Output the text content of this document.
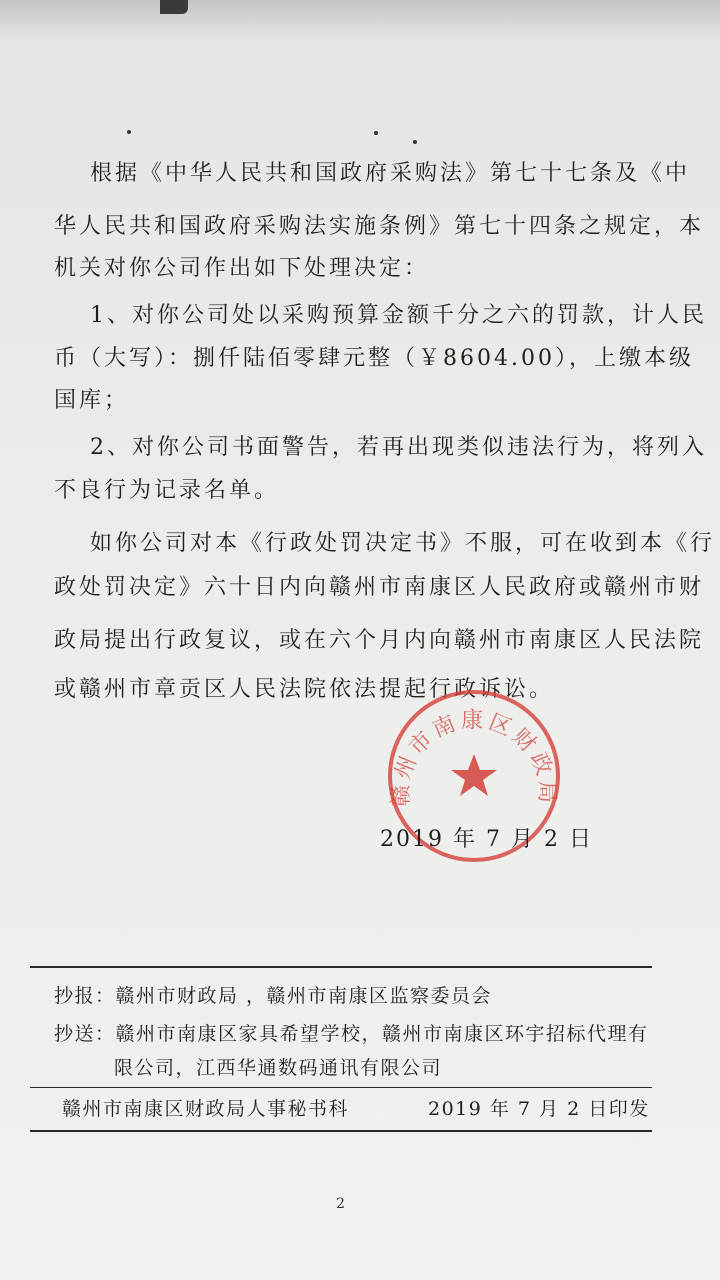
根据《中华人民共和国政府采购法》第七十七条及《中
华人民共和国政府采购法实施条例》第七十四条之规定，本
机关对你公司作出如下处理决定：
1、对你公司处以采购预算金额千分之六的罚款，计人民
币（大写）：捌仟陆佰零肆元整（￥8604.00），上缴本级
国库；
2、对你公司书面警告，若再出现类似违法行为，将列入
不良行为记录名单。
如你公司对本《行政处罚决定书》不服，可在收到本《行
政处罚决定》六十日内向赣州市南康区人民政府或赣州市财
政局提出行政复议，或在六个月内向赣州市南康区人民法院
或赣州市章贡区人民法院依法提起行政诉讼。
赣州市南康区财政局
2019 年 7 月 2 日
抄报：赣州市财政局 ，赣州市南康区监察委员会
抄送：赣州市南康区家具希望学校，赣州市南康区环宇招标代理有
限公司，江西华通数码通讯有限公司
赣州市南康区财政局人事秘书科	2019 年 7 月 2 日印发
2
